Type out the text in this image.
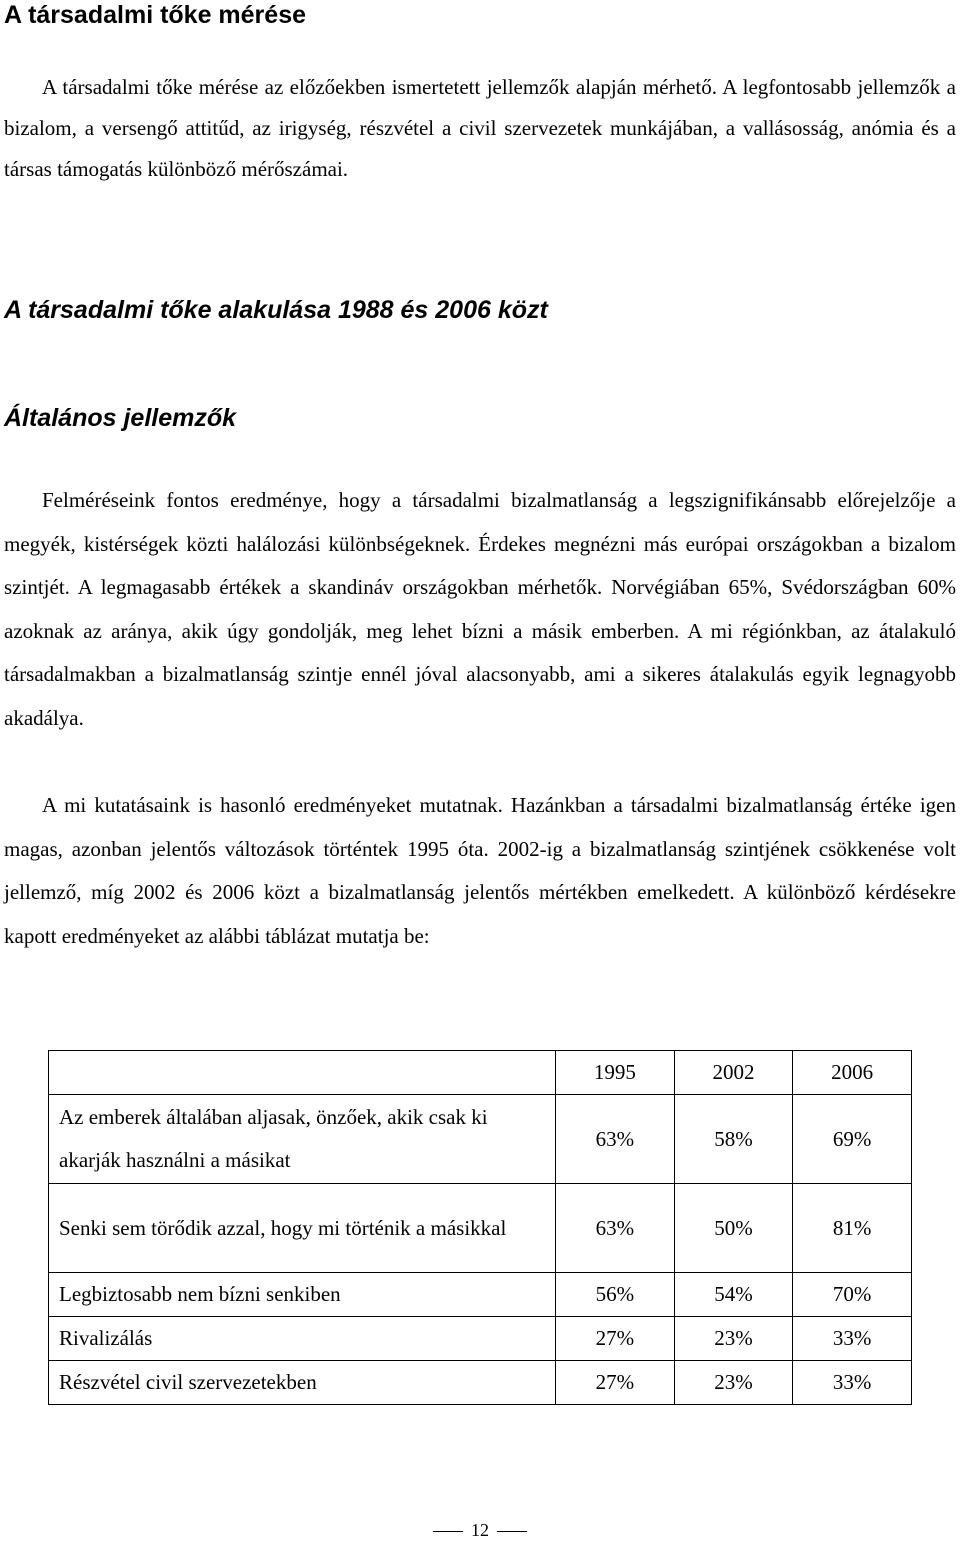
A társadalmi tőke mérése

A társadalmi tőke mérése az előzőekben ismertetett jellemzők alapján mérhető. A legfontosabb jellemzők a bizalom, a versengő attitűd, az irigység, részvétel a civil szervezetek munkájában, a vallásosság, anómia és a társas támogatás különböző mérőszámai.

A társadalmi tőke alakulása 1988 és 2006 közt
Általános jellemzők

Felméréseink fontos eredménye, hogy a társadalmi bizalmatlanság a legszignifikánsabb előrejelzője a megyék, kistérségek közti halálozási különbségeknek. Érdekes megnézni más európai országokban a bizalom szintjét. A legmagasabb értékek a skandináv országokban mérhetők. Norvégiában 65%, Svédországban 60% azoknak az aránya, akik úgy gondolják, meg lehet bízni a másik emberben. A mi régiónkban, az átalakuló társadalmakban a bizalmatlanság szintje ennél jóval alacsonyabb, ami a sikeres átalakulás egyik legnagyobb akadálya.

A mi kutatásaink is hasonló eredményeket mutatnak. Hazánkban a társadalmi bizalmatlanság értéke igen magas, azonban jelentős változások történtek 1995 óta. 2002-ig a bizalmatlanság szintjének csökkenése volt jellemző, míg 2002 és 2006 közt a bizalmatlanság jelentős mértékben emelkedett. A különböző kérdésekre kapott eredményeket az alábbi táblázat mutatja be:

	1995	2002	2006
Az emberek általában aljasak, önzőek, akik csak ki akarják használni a másikat	63%	58%	69%
Senki sem törődik azzal, hogy mi történik a másikkal	63%	50%	81%
Legbiztosabb nem bízni senkiben	56%	54%	70%
Rivalizálás	27%	23%	33%
Részvétel civil szervezetekben	27%	23%	33%
12
